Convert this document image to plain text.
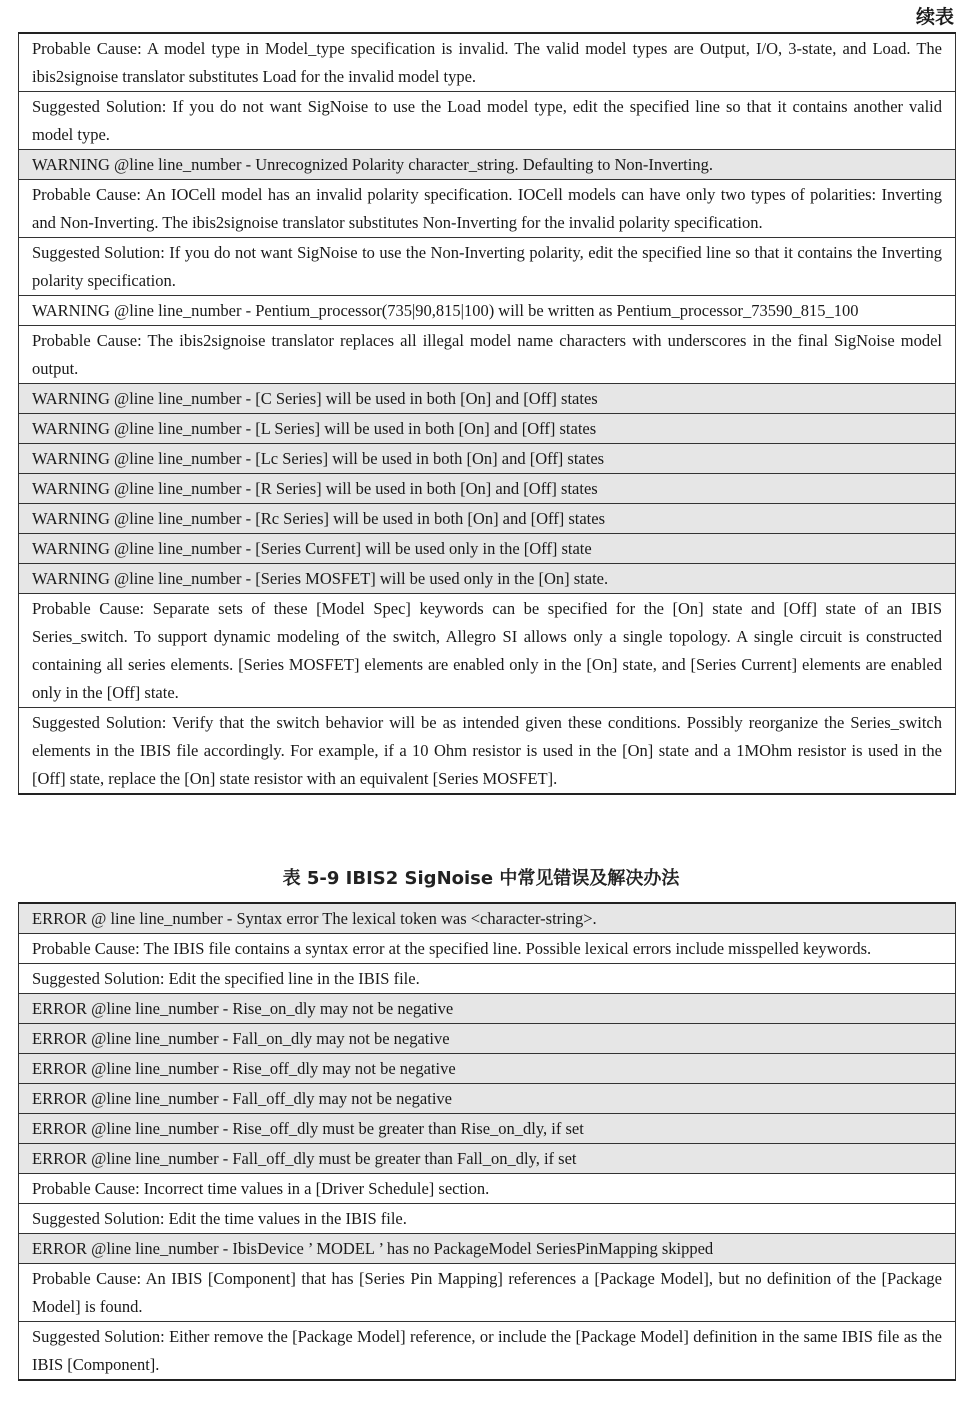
续表
Probable Cause: A model type in Model_type specification is invalid. The valid model types are Output, I/O, 3-state, and Load. The ibis2signoise translator substitutes Load for the invalid model type.
Suggested Solution: If you do not want SigNoise to use the Load model type, edit the specified line so that it contains another valid model type.
WARNING @line line_number - Unrecognized Polarity character_string. Defaulting to Non-Inverting.
Probable Cause: An IOCell model has an invalid polarity specification. IOCell models can have only two types of polarities: Inverting and Non-Inverting. The ibis2signoise translator substitutes Non-Inverting for the invalid polarity specification.
Suggested Solution: If you do not want SigNoise to use the Non-Inverting polarity, edit the specified line so that it contains the Inverting polarity specification.
WARNING @line line_number - Pentium_processor(735|90,815|100) will be written as Pentium_processor_73590_815_100
Probable Cause: The ibis2signoise translator replaces all illegal model name characters with underscores in the final SigNoise model output.
WARNING @line line_number - [C Series] will be used in both [On] and [Off] states
WARNING @line line_number - [L Series] will be used in both [On] and [Off] states
WARNING @line line_number - [Lc Series] will be used in both [On] and [Off] states
WARNING @line line_number - [R Series] will be used in both [On] and [Off] states
WARNING @line line_number - [Rc Series] will be used in both [On] and [Off] states
WARNING @line line_number - [Series Current] will be used only in the [Off] state
WARNING @line line_number - [Series MOSFET] will be used only in the [On] state.
Probable Cause: Separate sets of these [Model Spec] keywords can be specified for the [On] state and [Off] state of an IBIS Series_switch. To support dynamic modeling of the switch, Allegro SI allows only a single topology. A single circuit is constructed containing all series elements. [Series MOSFET] elements are enabled only in the [On] state, and [Series Current] elements are enabled only in the [Off] state.
Suggested Solution: Verify that the switch behavior will be as intended given these conditions. Possibly reorganize the Series_switch elements in the IBIS file accordingly. For example, if a 10 Ohm resistor is used in the [On] state and a 1MOhm resistor is used in the [Off] state, replace the [On] state resistor with an equivalent [Series MOSFET].
表 5-9 IBIS2 SigNoise 中常见错误及解决办法
ERROR @ line line_number - Syntax error The lexical token was <character-string>.
Probable Cause: The IBIS file contains a syntax error at the specified line. Possible lexical errors include misspelled keywords.
Suggested Solution: Edit the specified line in the IBIS file.
ERROR @line line_number - Rise_on_dly may not be negative
ERROR @line line_number - Fall_on_dly may not be negative
ERROR @line line_number - Rise_off_dly may not be negative
ERROR @line line_number - Fall_off_dly may not be negative
ERROR @line line_number - Rise_off_dly must be greater than Rise_on_dly, if set
ERROR @line line_number - Fall_off_dly must be greater than Fall_on_dly, if set
Probable Cause: Incorrect time values in a [Driver Schedule] section.
Suggested Solution: Edit the time values in the IBIS file.
ERROR @line line_number - IbisDevice ’ MODEL ’ has no PackageModel SeriesPinMapping skipped
Probable Cause: An IBIS [Component] that has [Series Pin Mapping] references a [Package Model], but no definition of the [Package Model] is found.
Suggested Solution: Either remove the [Package Model] reference, or include the [Package Model] definition in the same IBIS file as the IBIS [Component].
